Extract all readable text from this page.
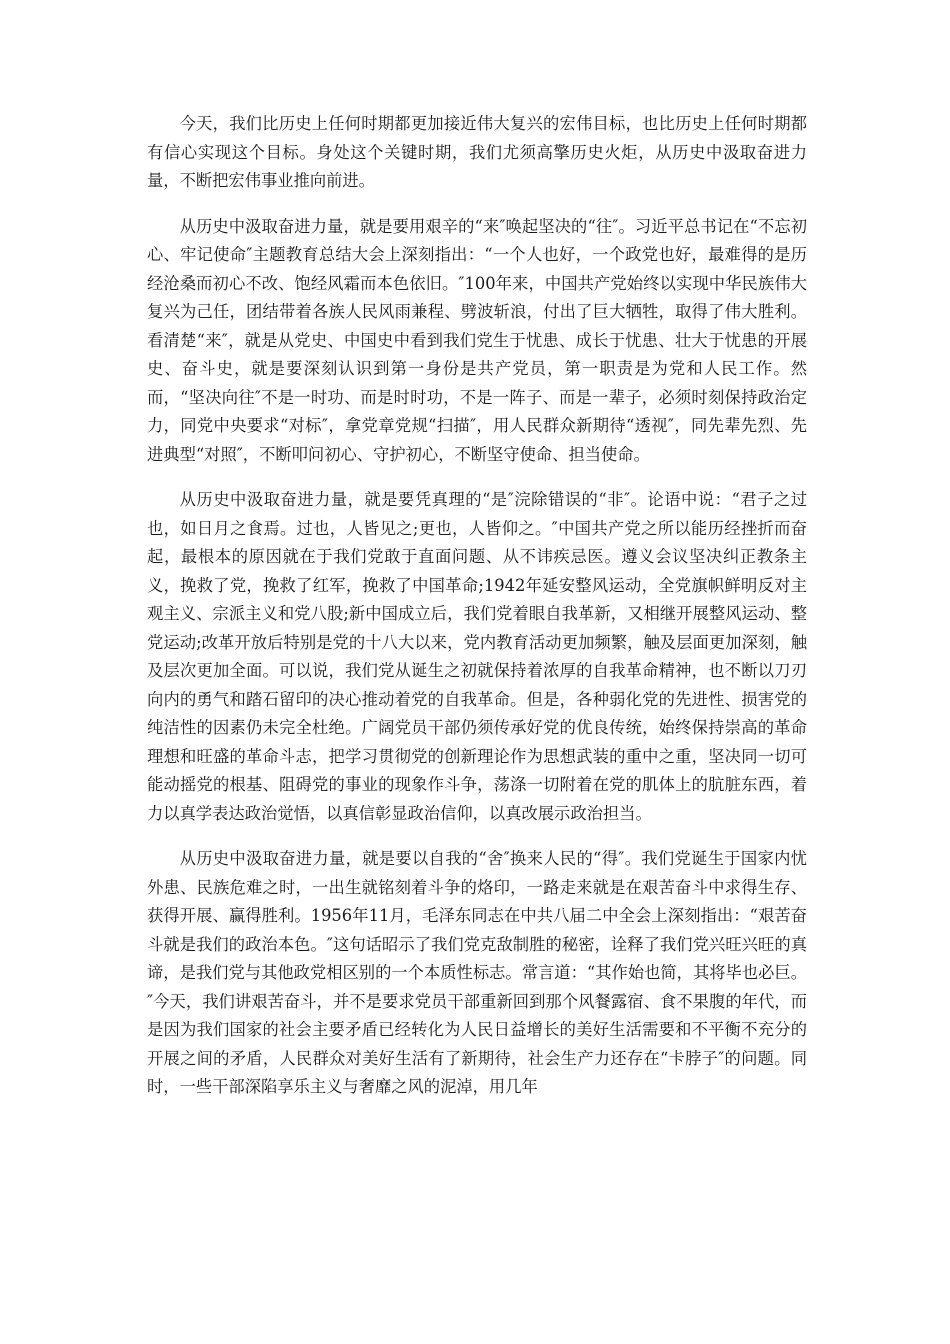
今天，我们比历史上任何时期都更加接近伟大复兴的宏伟目标，也比历史上任何时期都有信心实现这个目标。身处这个关键时期，我们尤须高擎历史火炬，从历史中汲取奋进力量，不断把宏伟事业推向前进。

从历史中汲取奋进力量，就是要用艰辛的“来″唤起坚决的“往″。习近平总书记在“不忘初心、牢记使命″主题教育总结大会上深刻指出：“一个人也好，一个政党也好，最难得的是历经沧桑而初心不改、饱经风霜而本色依旧。″100年来，中国共产党始终以实现中华民族伟大复兴为己任，团结带着各族人民风雨兼程、劈波斩浪，付出了巨大牺牲，取得了伟大胜利。看清楚“来″，就是从党史、中国史中看到我们党生于忧患、成长于忧患、壮大于忧患的开展史、奋斗史，就是要深刻认识到第一身份是共产党员，第一职责是为党和人民工作。然而，“坚决向往″不是一时功、而是时时功，不是一阵子、而是一辈子，必须时刻保持政治定力，同党中央要求“对标″，拿党章党规“扫描″，用人民群众新期待“透视″，同先辈先烈、先进典型“对照″，不断叩问初心、守护初心，不断坚守使命、担当使命。

从历史中汲取奋进力量，就是要凭真理的“是″浣除错误的“非″。论语中说：“君子之过也，如日月之食焉。过也，人皆见之;更也，人皆仰之。″中国共产党之所以能历经挫折而奋起，最根本的原因就在于我们党敢于直面问题、从不讳疾忌医。遵义会议坚决纠正教条主义，挽救了党，挽救了红军，挽救了中国革命;1942年延安整风运动，全党旗帜鲜明反对主观主义、宗派主义和党八股;新中国成立后，我们党着眼自我革新，又相继开展整风运动、整党运动;改革开放后特别是党的十八大以来，党内教育活动更加频繁，触及层面更加深刻，触及层次更加全面。可以说，我们党从诞生之初就保持着浓厚的自我革命精神，也不断以刀刃向内的勇气和踏石留印的决心推动着党的自我革命。但是，各种弱化党的先进性、损害党的纯洁性的因素仍未完全杜绝。广阔党员干部仍须传承好党的优良传统，始终保持崇高的革命理想和旺盛的革命斗志，把学习贯彻党的创新理论作为思想武装的重中之重，坚决同一切可能动摇党的根基、阻碍党的事业的现象作斗争，荡涤一切附着在党的肌体上的肮脏东西，着力以真学表达政治觉悟，以真信彰显政治信仰，以真改展示政治担当。

从历史中汲取奋进力量，就是要以自我的“舍″换来人民的“得″。我们党诞生于国家内忧外患、民族危难之时，一出生就铭刻着斗争的烙印，一路走来就是在艰苦奋斗中求得生存、获得开展、赢得胜利。1956年11月，毛泽东同志在中共八届二中全会上深刻指出：“艰苦奋斗就是我们的政治本色。″这句话昭示了我们党克敌制胜的秘密，诠释了我们党兴旺兴旺的真谛，是我们党与其他政党相区别的一个本质性标志。常言道：“其作始也简，其将毕也必巨。″今天，我们讲艰苦奋斗，并不是要求党员干部重新回到那个风餐露宿、食不果腹的年代，而是因为我们国家的社会主要矛盾已经转化为人民日益增长的美好生活需要和不平衡不充分的开展之间的矛盾，人民群众对美好生活有了新期待，社会生产力还存在“卡脖子″的问题。同时，一些干部深陷享乐主义与奢靡之风的泥淖，用几年
